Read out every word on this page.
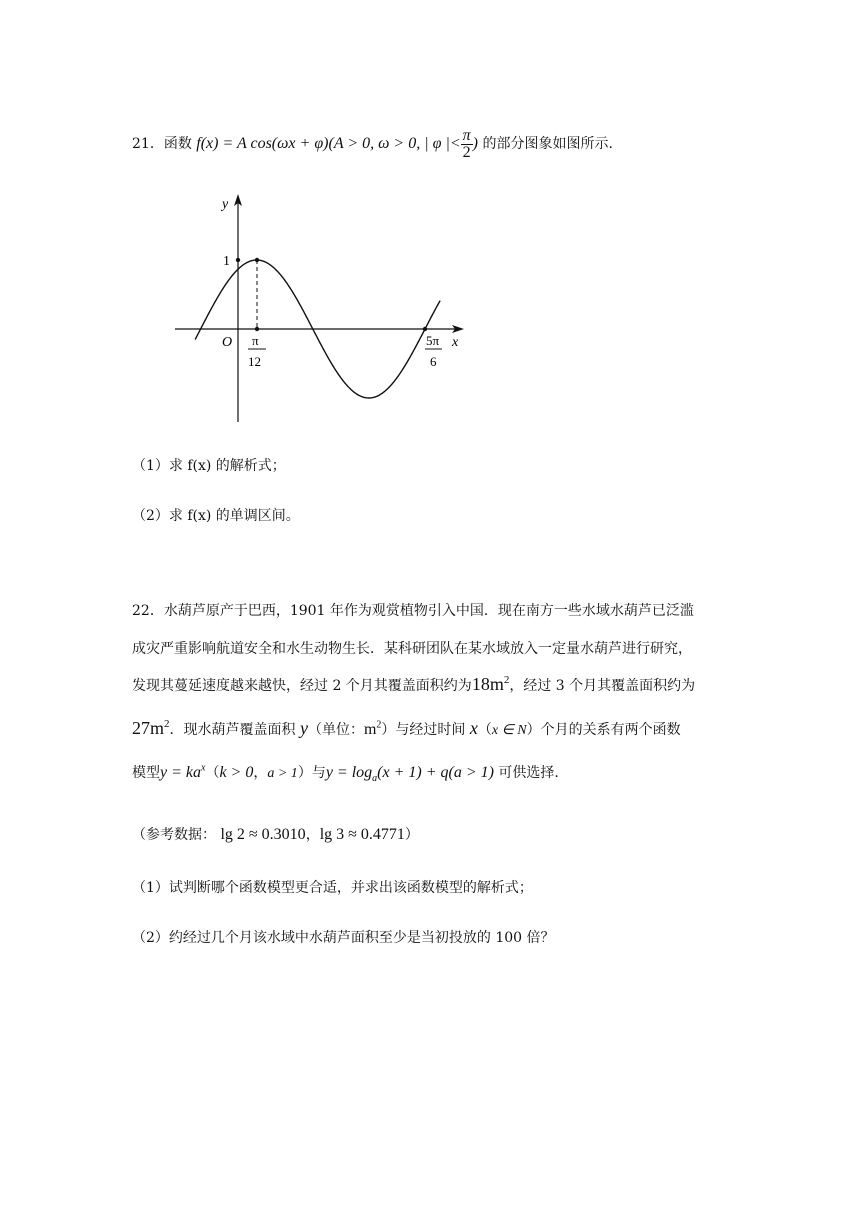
21．函数 f(x) = A cos(ωx + φ)(A > 0, ω > 0, | φ |< $\frac{\pi}{2}$ ) 的部分图象如图所示.
y
x
O
1
π
12
5π
6
（1）求 f(x) 的解析式；
（2）求 f(x) 的单调区间。
22．水葫芦原产于巴西，1901 年作为观赏植物引入中国．现在南方一些水域水葫芦已泛滥
成灾严重影响航道安全和水生动物生长．某科研团队在某水域放入一定量水葫芦进行研究，
发现其蔓延速度越来越快，经过 2 个月其覆盖面积约为$18m^2$，经过 3 个月其覆盖面积约为
$27m^2$．现水葫芦覆盖面积 y（单位：$m^2$）与经过时间 x（x ∈ N）个月的关系有两个函数
模型$y = ka^x(k > 0$，a > 1）与$y = \log_a(x + 1) + q(a > 1)$ 可供选择.
（参考数据： lg 2 ≈ 0.3010，lg 3 ≈ 0.4771）
（1）试判断哪个函数模型更合适，并求出该函数模型的解析式；
（2）约经过几个月该水域中水葫芦面积至少是当初投放的 100 倍？
